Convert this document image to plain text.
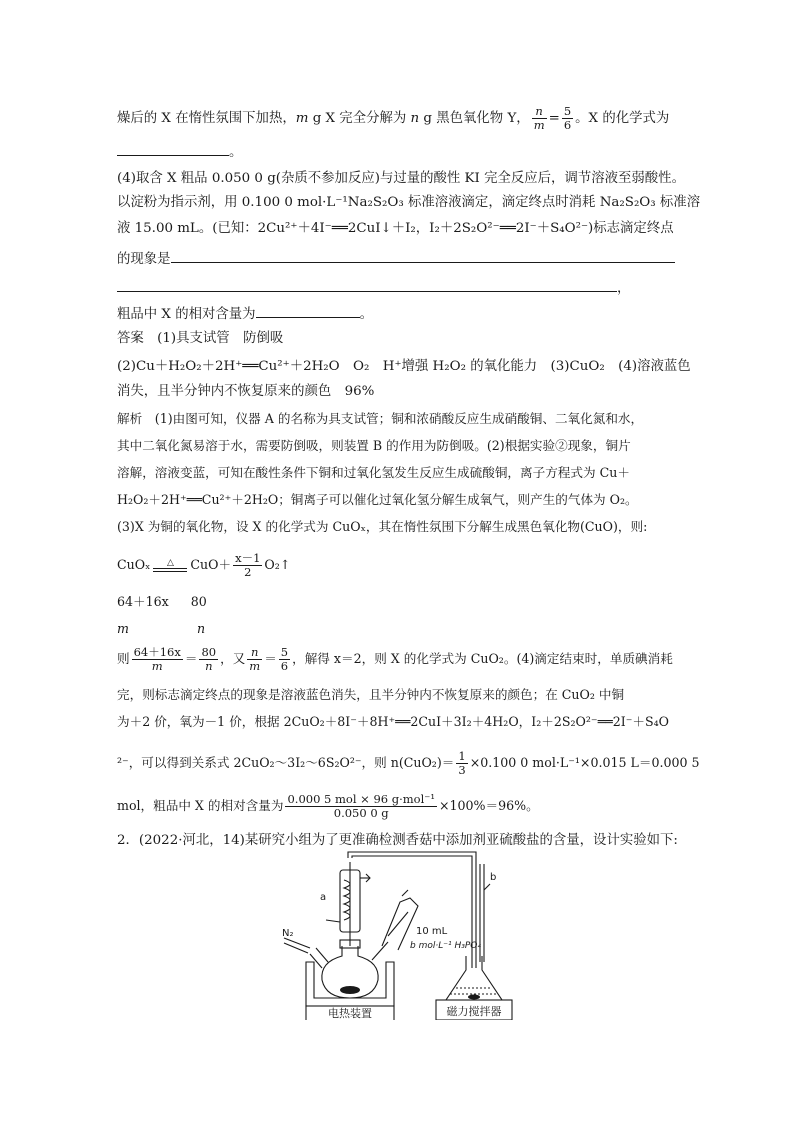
燥后的 X 在惰性氛围下加热，m g X 完全分解为 n g 黑色氧化物 Y， $\frac{n}{m} = \frac{5}{6}$ 。X 的化学式为
。
(4)取含 X 粗品 0.050 0 g(杂质不参加反应)与过量的酸性 KI 完全反应后，调节溶液至弱酸性。
以淀粉为指示剂，用 0.100 0 mol·L⁻¹Na₂S₂O₃ 标准溶液滴定，滴定终点时消耗 Na₂S₂O₃ 标准溶
液 15.00 mL。(已知：2Cu²⁺＋4I⁻══2CuI↓＋I₂，I₂＋2S₂O²⁻══2I⁻＋S₄O²⁻)标志滴定终点
的现象是
，
粗品中 X 的相对含量为	。
答案　(1)具支试管　防倒吸
(2)Cu＋H₂O₂＋2H⁺══Cu²⁺＋2H₂O　O₂　H⁺增强 H₂O₂ 的氧化能力　(3)CuO₂　(4)溶液蓝色
消失，且半分钟内不恢复原来的颜色　96%
解析　(1)由图可知，仪器 A 的名称为具支试管；铜和浓硝酸反应生成硝酸铜、二氧化氮和水，
其中二氧化氮易溶于水，需要防倒吸，则装置 B 的作用为防倒吸。(2)根据实验②现象，铜片
溶解，溶液变蓝，可知在酸性条件下铜和过氧化氢发生反应生成硫酸铜，离子方程式为 Cu＋
H₂O₂＋2H⁺══Cu²⁺＋2H₂O；铜离子可以催化过氧化氢分解生成氧气，则产生的气体为 O₂。
(3)X 为铜的氧化物，设 X 的化学式为 CuOₓ，其在惰性氛围下分解生成黑色氧化物(CuO)，则:
CuOₓ	△	$CuO+ \frac{x-1}{2}$ O₂↑
64＋16x 80
m	n
则 $\frac{64+16x}{m} = \frac{80}{n}$ ，又 $\frac{n}{m} = \frac{5}{6}$ ，解得 x＝2，则 X 的化学式为 CuO₂。(4)滴定结束时，单质碘消耗
完，则标志滴定终点的现象是溶液蓝色消失，且半分钟内不恢复原来的颜色；在 CuO₂ 中铜
为＋2 价，氧为－1 价，根据 2CuO₂＋8I⁻＋8H⁺══2CuI＋3I₂＋4H₂O，I₂＋2S₂O²⁻══2I⁻＋S₄O
²⁻，可以得到关系式 2CuO₂～3I₂～6S₂O²⁻，则 $n(CuO_2)= \frac{1}{3} \times 0.100$ 0 mol·L⁻¹×0.015 L＝0.000 5
mol，粗品中 X 的相对含量为 $\frac{\text{0.000 5 mol × 96 g·mol⁻¹}}{0.050 0 g} \times 100\%=96\%$。
2．(2022·河北，14)某研究小组为了更准确检测香菇中添加剂亚硫酸盐的含量，设计实验如下:
a
b
N₂	10 mL
b mol·L⁻¹ H₃PO₄
电热装置	磁力搅拌器
